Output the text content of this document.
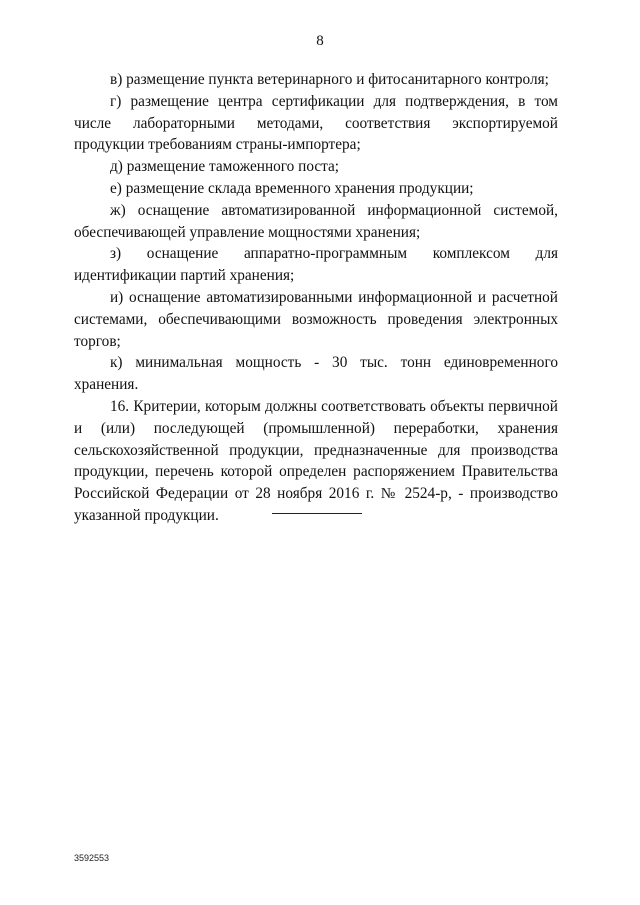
8

в) размещение пункта ветеринарного и фитосанитарного контроля;

г) размещение центра сертификации для подтверждения, в том числе лабораторными методами, соответствия экспортируемой продукции требованиям страны-импортера;

д) размещение таможенного поста;

е) размещение склада временного хранения продукции;

ж) оснащение автоматизированной информационной системой, обеспечивающей управление мощностями хранения;

з) оснащение аппаратно-программным комплексом для идентификации партий хранения;

и) оснащение автоматизированными информационной и расчетной системами, обеспечивающими возможность проведения электронных торгов;

к) минимальная мощность - 30 тыс. тонн единовременного хранения.

16. Критерии, которым должны соответствовать объекты первичной и (или) последующей (промышленной) переработки, хранения сельскохозяйственной продукции, предназначенные для производства продукции, перечень которой определен распоряжением Правительства Российской Федерации от 28 ноября 2016 г. № 2524-р, - производство указанной продукции.

3592553
